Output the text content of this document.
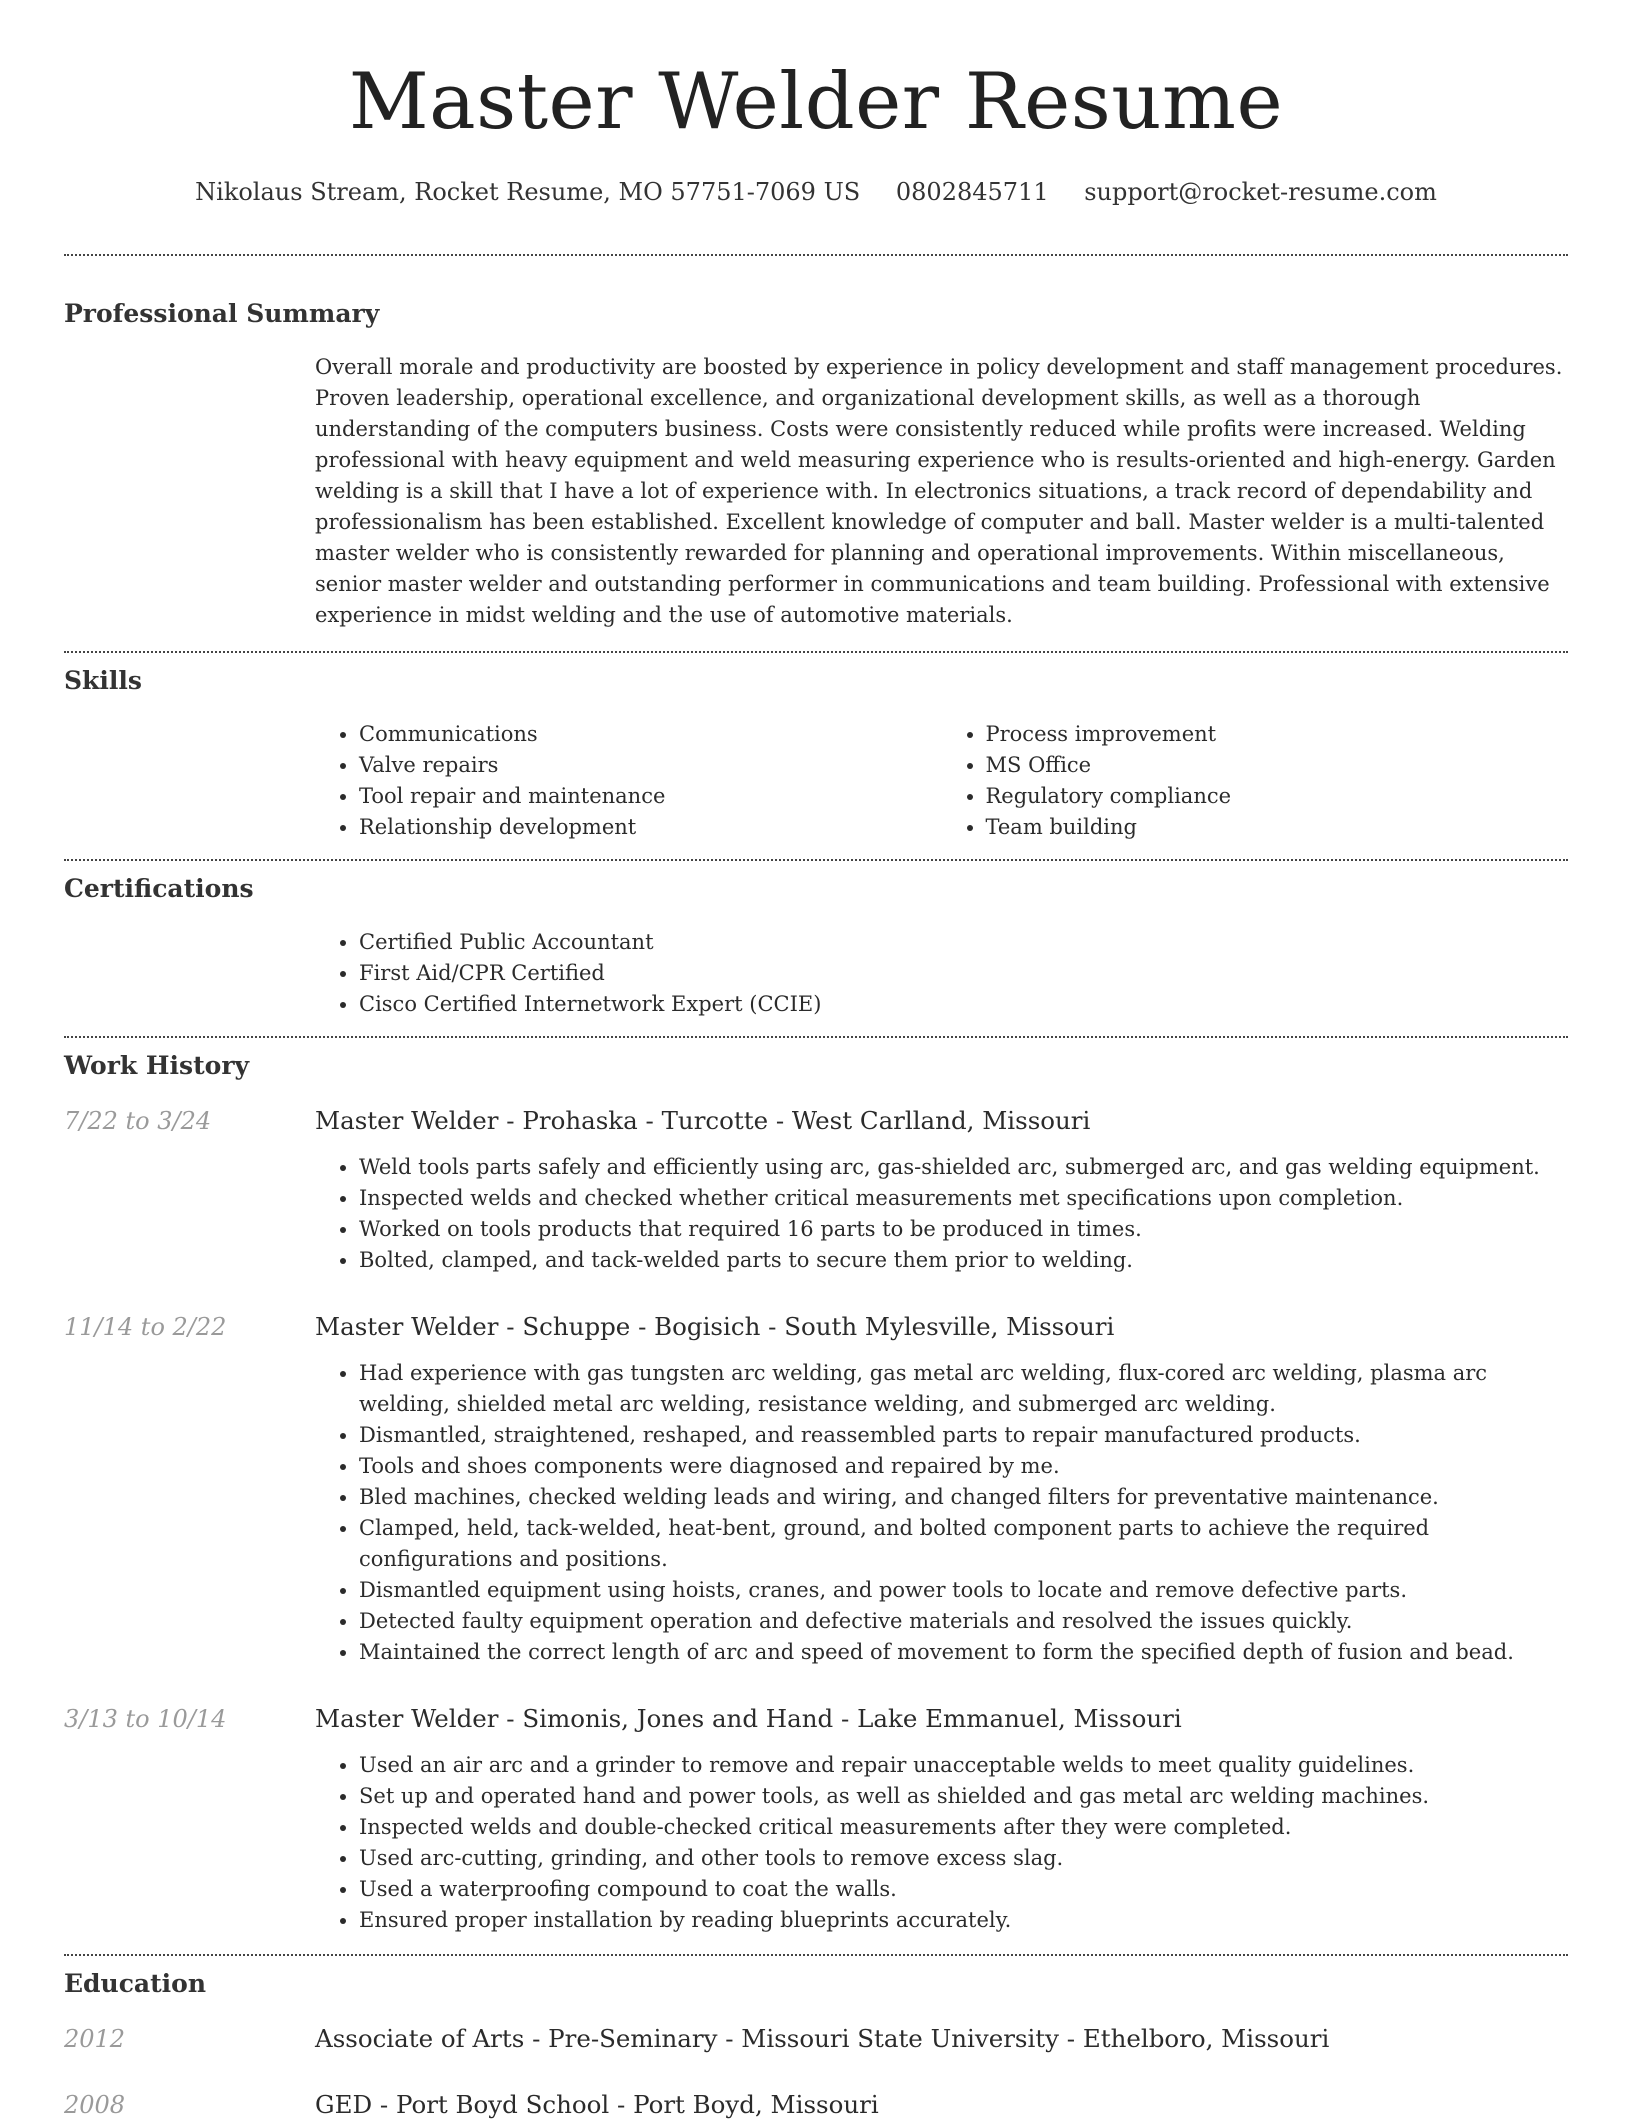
Master Welder Resume
Nikolaus Stream, Rocket Resume, MO 57751-7069 US 0802845711 support@rocket-resume.com
Professional Summary

Overall morale and productivity are boosted by experience in policy development and staff management procedures. Proven leadership, operational excellence, and organizational development skills, as well as a thorough understanding of the computers business. Costs were consistently reduced while profits were increased. Welding professional with heavy equipment and weld measuring experience who is results-oriented and high-energy. Garden welding is a skill that I have a lot of experience with. In electronics situations, a track record of dependability and professionalism has been established. Excellent knowledge of computer and ball. Master welder is a multi-talented master welder who is consistently rewarded for planning and operational improvements. Within miscellaneous, senior master welder and outstanding performer in communications and team building. Professional with extensive experience in midst welding and the use of automotive materials.

Skills
• Communications
• Valve repairs
• Tool repair and maintenance
• Relationship development
• Process improvement
• MS Office
• Regulatory compliance
• Team building
Certifications
• Certified Public Accountant
• First Aid/CPR Certified
• Cisco Certified Internetwork Expert (CCIE)
Work History
7/22 to 3/24	Master Welder - Prohaska - Turcotte - West Carlland, Missouri
• Weld tools parts safely and efficiently using arc, gas-shielded arc, submerged arc, and gas welding equipment.
• Inspected welds and checked whether critical measurements met specifications upon completion.
• Worked on tools products that required 16 parts to be produced in times.
• Bolted, clamped, and tack-welded parts to secure them prior to welding.
11/14 to 2/22	Master Welder - Schuppe - Bogisich - South Mylesville, Missouri
• Had experience with gas tungsten arc welding, gas metal arc welding, flux-cored arc welding, plasma arc welding, shielded metal arc welding, resistance welding, and submerged arc welding.
• Dismantled, straightened, reshaped, and reassembled parts to repair manufactured products.
• Tools and shoes components were diagnosed and repaired by me.
• Bled machines, checked welding leads and wiring, and changed filters for preventative maintenance.
• Clamped, held, tack-welded, heat-bent, ground, and bolted component parts to achieve the required configurations and positions.
• Dismantled equipment using hoists, cranes, and power tools to locate and remove defective parts.
• Detected faulty equipment operation and defective materials and resolved the issues quickly.
• Maintained the correct length of arc and speed of movement to form the specified depth of fusion and bead.
3/13 to 10/14	Master Welder - Simonis, Jones and Hand - Lake Emmanuel, Missouri
• Used an air arc and a grinder to remove and repair unacceptable welds to meet quality guidelines.
• Set up and operated hand and power tools, as well as shielded and gas metal arc welding machines.
• Inspected welds and double-checked critical measurements after they were completed.
• Used arc-cutting, grinding, and other tools to remove excess slag.
• Used a waterproofing compound to coat the walls.
• Ensured proper installation by reading blueprints accurately.
Education
2012	Associate of Arts - Pre-Seminary - Missouri State University - Ethelboro, Missouri
2008	GED - Port Boyd School - Port Boyd, Missouri
